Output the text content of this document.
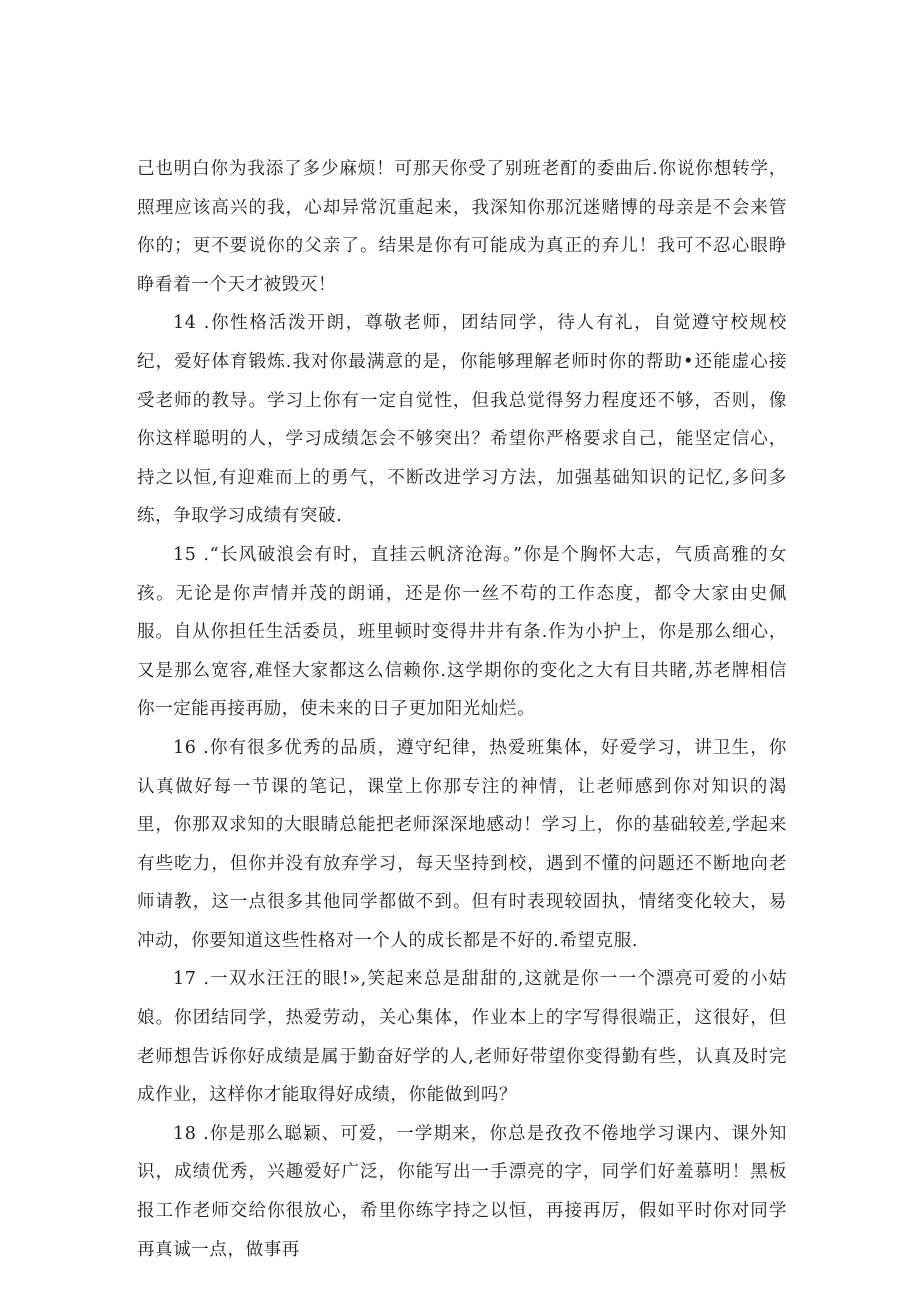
己也明白你为我添了多少麻烦！可那天你受了别班老酊的委曲后.你说你想转学，照理应该高兴的我，心却异常沉重起来，我深知你那沉迷赌博的母亲是不会来管你的；更不要说你的父亲了。结果是你有可能成为真正的弃儿！我可不忍心眼睁睁看着一个天才被毁灭！

14 .你性格活泼开朗，尊敬老师，团结同学，待人有礼，自觉遵守校规校纪，爱好体育锻炼.我对你最满意的是，你能够理解老师时你的帮助•还能虚心接受老师的教导。学习上你有一定自觉性，但我总觉得努力程度还不够，否则，像你这样聪明的人，学习成绩怎会不够突出？希望你严格要求自己，能坚定信心，持之以恒,有迎难而上的勇气，不断改进学习方法，加强基础知识的记忆,多问多练，争取学习成绩有突破.

15 .“长风破浪会有时，直挂云帆济沧海。”你是个胸怀大志，气质高雅的女孩。无论是你声情并茂的朗诵，还是你一丝不苟的工作态度，都令大家由史佩服。自从你担任生活委员，班里顿时变得井井有条.作为小护上，你是那么细心，又是那么宽容,难怪大家都这么信赖你.这学期你的变化之大有目共睹,苏老牌相信你一定能再接再励，使未来的日子更加阳光灿烂。

16 .你有很多优秀的品质，遵守纪律，热爱班集体，好爱学习，讲卫生，你认真做好每一节课的笔记，课堂上你那专注的神情，让老师感到你对知识的渴里，你那双求知的大眼睛总能把老师深深地感动！学习上，你的基础较差,学起来有些吃力，但你并没有放弃学习，每天坚持到校，遇到不懂的问题还不断地向老师请教，这一点很多其他同学都做不到。但有时表现较固执，情绪变化较大，易冲动，你要知道这些性格对一个人的成长都是不好的.希望克服.

17 .一双水汪汪的眼!»,笑起来总是甜甜的,这就是你一一个漂亮可爱的小姑娘。你团结同学，热爱劳动，关心集体，作业本上的字写得很端正，这很好，但老师想告诉你好成绩是属于勤奋好学的人,老师好带望你变得勤有些，认真及时完成作业，这样你才能取得好成绩，你能做到吗？

18 .你是那么聪颖、可爱，一学期来，你总是孜孜不倦地学习课内、课外知识，成绩优秀，兴趣爱好广泛，你能写出一手漂亮的字，同学们好羞慕明！黑板报工作老师交给你很放心，希里你练字持之以恒，再接再厉，假如平时你对同学再真诚一点，做事再
